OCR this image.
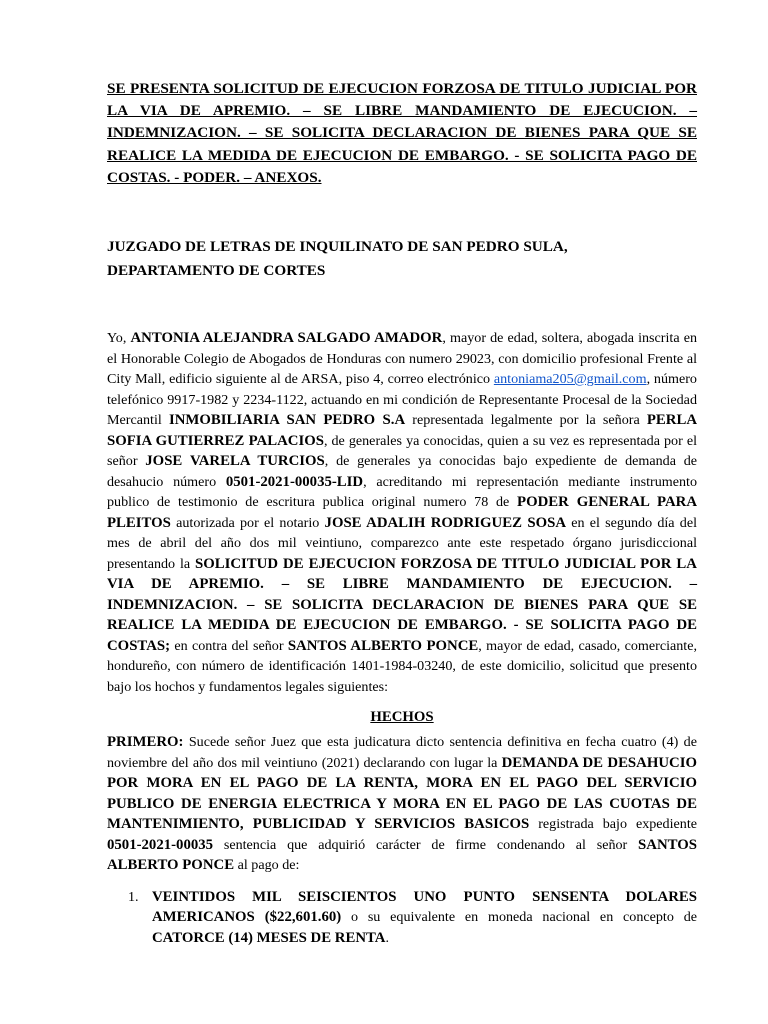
SE PRESENTA SOLICITUD DE EJECUCION FORZOSA DE TITULO JUDICIAL POR LA VIA DE APREMIO. – SE LIBRE MANDAMIENTO DE EJECUCION. – INDEMNIZACION. – SE SOLICITA DECLARACION DE BIENES PARA QUE SE REALICE LA MEDIDA DE EJECUCION DE EMBARGO. - SE SOLICITA PAGO DE COSTAS. - PODER. – ANEXOS.

JUZGADO DE LETRAS DE INQUILINATO DE SAN PEDRO SULA, DEPARTAMENTO DE CORTES

Yo, ANTONIA ALEJANDRA SALGADO AMADOR, mayor de edad, soltera, abogada inscrita en el Honorable Colegio de Abogados de Honduras con numero 29023, con domicilio profesional Frente al City Mall, edificio siguiente al de ARSA, piso 4, correo electrónico antoniama205@gmail.com, número telefónico 9917-1982 y 2234-1122, actuando en mi condición de Representante Procesal de la Sociedad Mercantil INMOBILIARIA SAN PEDRO S.A representada legalmente por la señora PERLA SOFIA GUTIERREZ PALACIOS, de generales ya conocidas, quien a su vez es representada por el señor JOSE VARELA TURCIOS, de generales ya conocidas bajo expediente de demanda de desahucio número 0501-2021-00035-LID, acreditando mi representación mediante instrumento publico de testimonio de escritura publica original numero 78 de PODER GENERAL PARA PLEITOS autorizada por el notario JOSE ADALIH RODRIGUEZ SOSA en el segundo día del mes de abril del año dos mil veintiuno, comparezco ante este respetado órgano jurisdiccional presentando la SOLICITUD DE EJECUCION FORZOSA DE TITULO JUDICIAL POR LA VIA DE APREMIO. – SE LIBRE MANDAMIENTO DE EJECUCION. – INDEMNIZACION. – SE SOLICITA DECLARACION DE BIENES PARA QUE SE REALICE LA MEDIDA DE EJECUCION DE EMBARGO. - SE SOLICITA PAGO DE COSTAS; en contra del señor SANTOS ALBERTO PONCE, mayor de edad, casado, comerciante, hondureño, con número de identificación 1401-1984-03240, de este domicilio, solicitud que presento bajo los hochos y fundamentos legales siguientes:

HECHOS

PRIMERO: Sucede señor Juez que esta judicatura dicto sentencia definitiva en fecha cuatro (4) de noviembre del año dos mil veintiuno (2021) declarando con lugar la DEMANDA DE DESAHUCIO POR MORA EN EL PAGO DE LA RENTA, MORA EN EL PAGO DEL SERVICIO PUBLICO DE ENERGIA ELECTRICA Y MORA EN EL PAGO DE LAS CUOTAS DE MANTENIMIENTO, PUBLICIDAD Y SERVICIOS BASICOS registrada bajo expediente 0501-2021-00035 sentencia que adquirió carácter de firme condenando al señor SANTOS ALBERTO PONCE al pago de:

1. VEINTIDOS MIL SEISCIENTOS UNO PUNTO SENSENTA DOLARES AMERICANOS ($22,601.60) o su equivalente en moneda nacional en concepto de CATORCE (14) MESES DE RENTA.
